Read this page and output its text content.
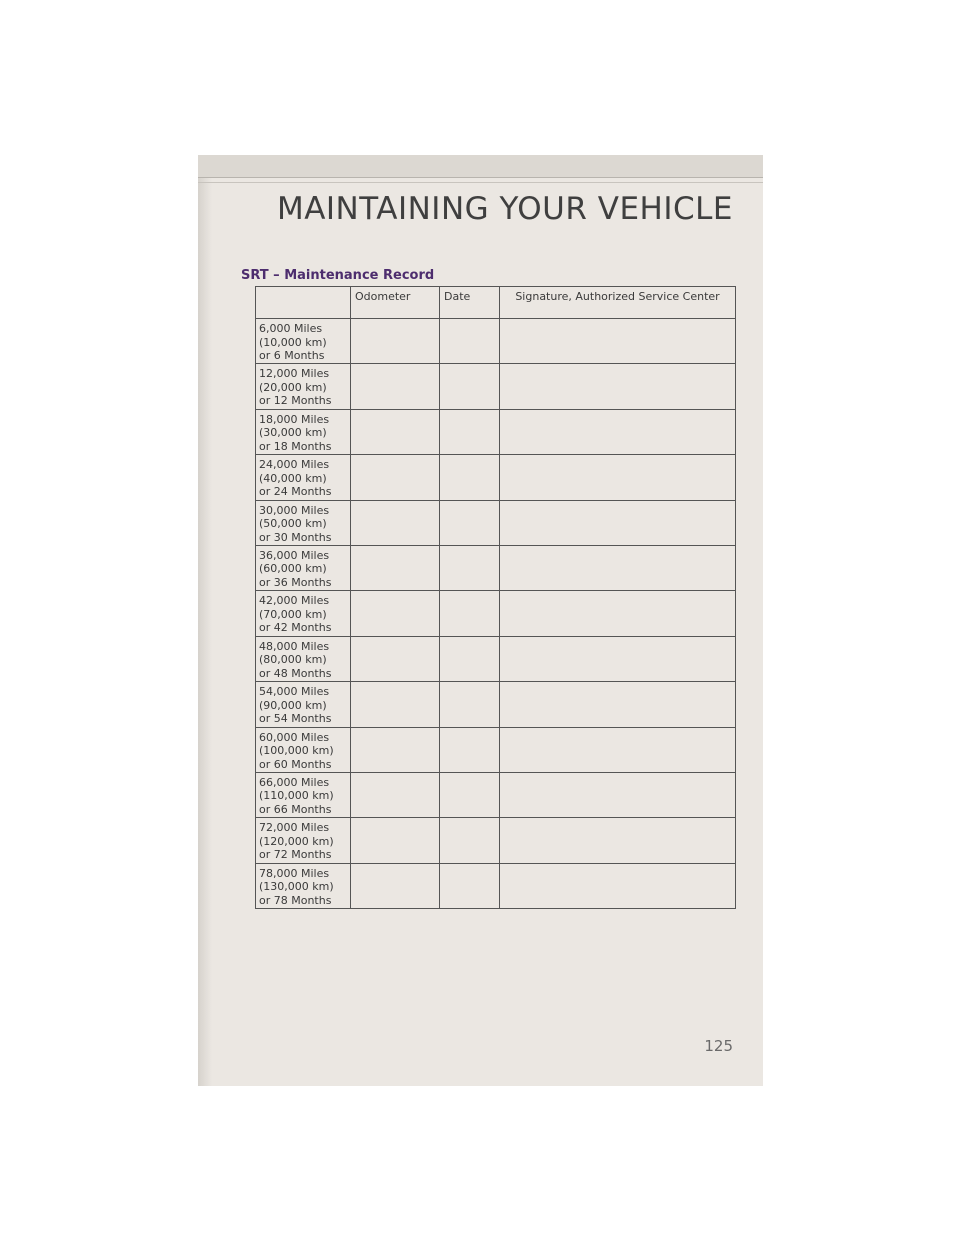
MAINTAINING YOUR VEHICLE
SRT – Maintenance Record
	Odometer	Date	Signature, Authorized Service Center
6,000 Miles
(10,000 km)
or 6 Months			
12,000 Miles
(20,000 km)
or 12 Months			
18,000 Miles
(30,000 km)
or 18 Months			
24,000 Miles
(40,000 km)
or 24 Months			
30,000 Miles
(50,000 km)
or 30 Months			
36,000 Miles
(60,000 km)
or 36 Months			
42,000 Miles
(70,000 km)
or 42 Months			
48,000 Miles
(80,000 km)
or 48 Months			
54,000 Miles
(90,000 km)
or 54 Months			
60,000 Miles
(100,000 km)
or 60 Months			
66,000 Miles
(110,000 km)
or 66 Months			
72,000 Miles
(120,000 km)
or 72 Months			
78,000 Miles
(130,000 km)
or 78 Months			
125
